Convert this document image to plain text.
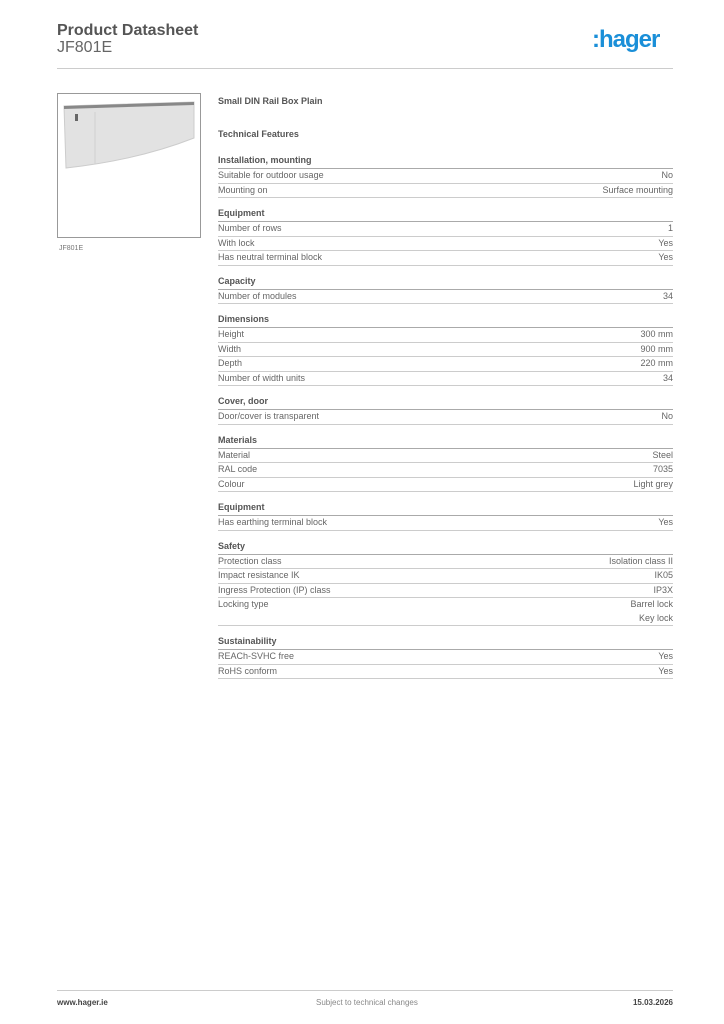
Product Datasheet
JF801E	:hager
JF801E
Small DIN Rail Box Plain
Technical Features
Installation, mounting
Suitable for outdoor usage	No
Mounting on	Surface mounting
Equipment
Number of rows	1
With lock	Yes
Has neutral terminal block	Yes
Capacity
Number of modules	34
Dimensions
Height	300 mm
Width	900 mm
Depth	220 mm
Number of width units	34
Cover, door
Door/cover is transparent	No
Materials
Material	Steel
RAL code	7035
Colour	Light grey
Equipment
Has earthing terminal block	Yes
Safety
Protection class	Isolation class II
Impact resistance IK	IK05
Ingress Protection (IP) class	IP3X
Locking type	Barrel lock
Key lock
Sustainability
REACh-SVHC free	Yes
RoHS conform	Yes
www.hager.ie	Subject to technical changes	15.03.2026
